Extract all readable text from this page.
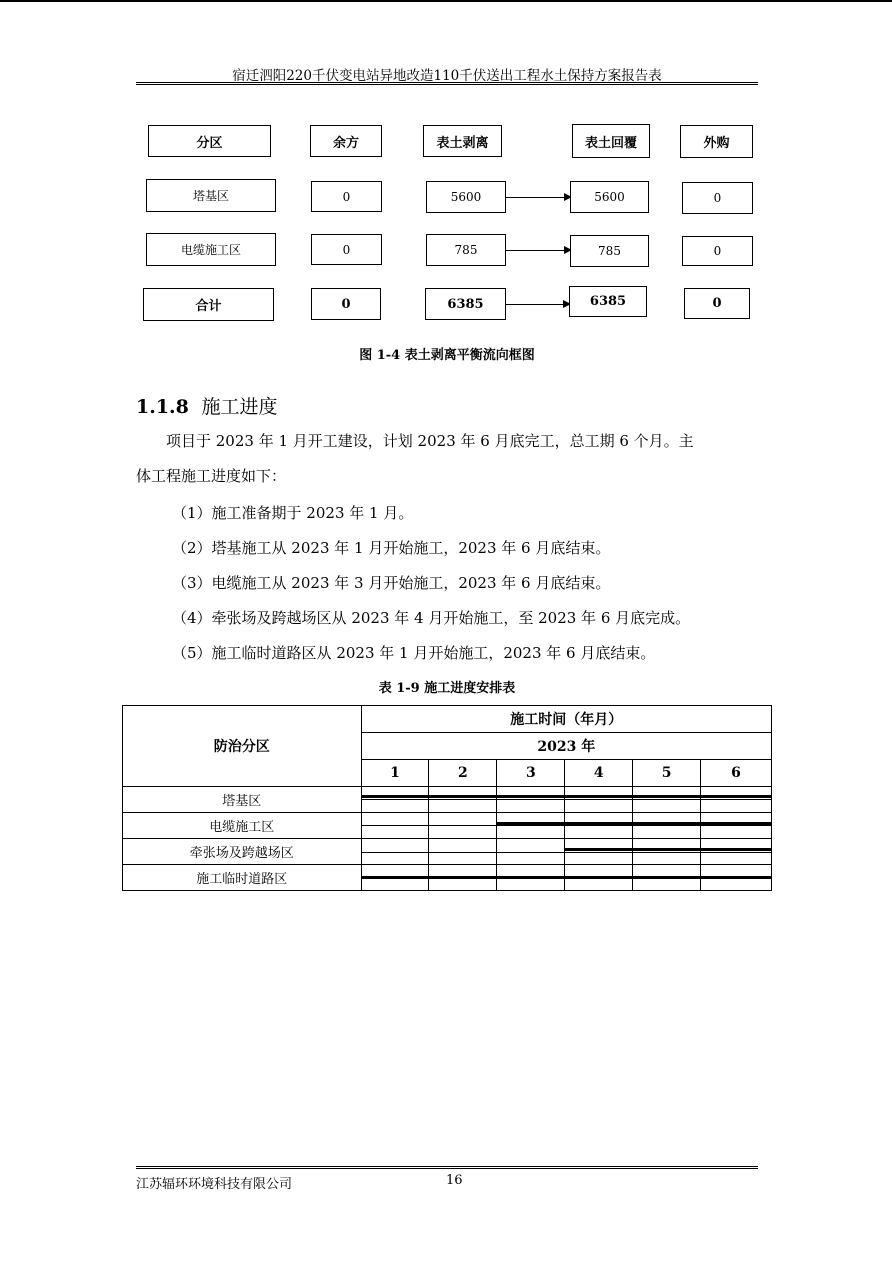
宿迁泗阳220千伏变电站异地改造110千伏送出工程水土保持方案报告表
分区	余方	表土剥离	表土回覆	外购
塔基区	0	5600	5600	0
电缆施工区	0	785	785	0
合计	0	6385	6385	0
图 1-4 表土剥离平衡流向框图
1.1.8 施工进度
项目于 2023 年 1 月开工建设，计划 2023 年 6 月底完工，总工期 6 个月。主
体工程施工进度如下：
（1）施工准备期于 2023 年 1 月。
（2）塔基施工从 2023 年 1 月开始施工，2023 年 6 月底结束。
（3）电缆施工从 2023 年 3 月开始施工，2023 年 6 月底结束。
（4）牵张场及跨越场区从 2023 年 4 月开始施工，至 2023 年 6 月底完成。
（5）施工临时道路区从 2023 年 1 月开始施工，2023 年 6 月底结束。
表 1-9 施工进度安排表
防治分区	施工时间（年月）					
	2023 年					
	1	2	3	4	5	6
塔基区						
电缆施工区						
牵张场及跨越场区						
施工临时道路区						
江苏辐环环境科技有限公司	16
